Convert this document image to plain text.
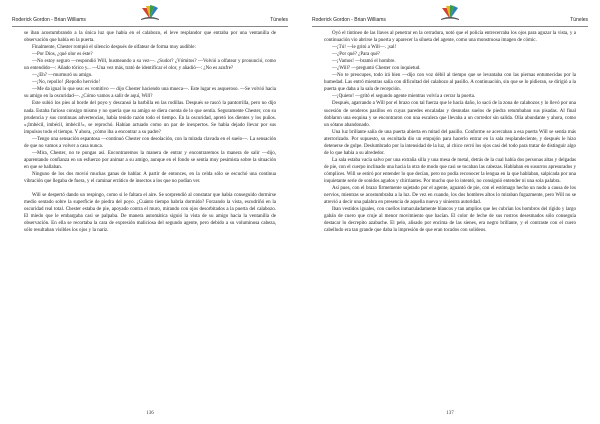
Roderick Gordon - Brian Williams	Túneles

se iban acostumbrando a la única luz que había en el calabozo, el leve resplandor que entraba por una ventanilla de observación que había en la puerta.

Finalmente, Chester rompió el silencio después de olfatear de forma muy audible:

—Por Dios, ¿qué olor es éste?

—No estoy seguro —respondió Will, husmeando a su vez—. ¿Sudor? ¿Vómitos? —Volvió a olfatear y pronunció, como un entendido—: Añado tórico y... —Una vez más, trató de identificar el olor, y añadió—: ¿No es azufre?

—¿Eh? —murmuró su amigo.

—¡No, repollo! ¡Repollo hervido!

—Me da igual lo que sea: es vomitivo — dijo Chester haciendo una mueca—. Este lugar es asqueroso. —Se volvió hacia su amigo en la oscuridad—. ¿Cómo vamos a salir de aquí, Will?

Este subió los pies al borde del poyo y descansó la barbilla en las rodillas. Después se rascó la pantorrilla, pero no dijo nada. Estaba furioso consigo mismo y no quería que su amigo se diera cuenta de lo que sentía. Seguramente Chester, con su prudencia y sus continuas advertencias, había tenido razón todo el tiempo. En la oscuridad, apretó los dientes y los puños. «¡Imbécil, imbécil, imbécil!», se reprochó. Habían actuado como un par de inexpertos. Se había dejado llevar por sus impulsos todo el tiempo. Y ahora, ¿cómo iba a encontrar a su padre?

—Tengo una sensación espantosa —continuó Chester con desolación, con la mirada clavada en el suelo—. La sensación de que no vamos a volver a casa nunca.

—Mira, Chester, no te pongas así. Encontraremos la manera de entrar y encontraremos la manera de salir —dijo, aparentando confianza en un esfuerzo por animar a su amigo, aunque en el fondo se sentía muy pesimista sobre la situación en que se hallaban.

Ninguno de los dos movió muchas ganas de hablar. A partir de entonces, en la celda sólo se escuchó una continua vibración que llegaba de fuera, y el caminar errático de insectos a los que no podían ver.

Will se despertó dando un respingo, como si le faltara el aire. Se sorprendió al constatar que había conseguido dormirse medio sentado sobre la superficie de piedra del poyo. ¿Cuánto tiempo habría dormido? Forzando la vista, escudriñó en la oscuridad real total. Chester estaba de pie, apoyado contra el muro, mirando con ojos desorbitados a la puerta del calabozo. El miedo que le embargaba casi se palpaba. De manera automática siguió la vista de su amigo hacia la ventanilla de observación. En ella se recortaba la cara de expresión maliciosa del segundo agente, pero debido a su voluminosa cabeza, sólo resultaban visibles los ojos y la nariz.

136
Roderick Gordon - Brian Williams	Túneles

Oyó el tintineo de las llaves al penetrar en la cerradura, notó que el policía entrecerraba los ojos para aguzar la vista, y a continuación vio abrirse la puerta y aparecer la silueta del agente, como una monstruosa imagen de cómic.

—¡Tú! —le gritó a Will—. ¡sal!

—¿Por qué? ¿Para qué?

—¡Vamos! —bramó el hombre.

—¿Will? —preguntó Chester con inquietud.

—No te preocupes, todo irá bien —dijo con voz débil al tiempo que se levantaba con las piernas entumecidas por la humedad. Las entró mientras salía con dificultad del calabozo al pasillo. A continuación, sin que se lo pidieran, se dirigió a la puerta que daba a la sala de recepción.

—¡Quieto! —gritó el segundo agente mientras volvía a cerrar la puerta.

Después, agarrando a Will por el brazo con tal fuerza que le hacía daño, lo sacó de la zona de calabozos y lo llevó por una sucesión de senderos pasillos en cuyas paredes encaladas y desnudas suelos de piedra retumbaban sus pisadas. Al final doblaron una esquina y se encontraron con una escalera que llevaba a un corredor sin salida. Olía abundante y ahora, como un sótano abandonado.

Una luz brillante salía de una puerta abierta en mitad del pasillo. Conforme se acercaban a esa puerta Will se sentía más aterrorizado. Por supuesto, su escoltada dio un empujón para hacerlo entrar en la sala resplandeciente, y después le hizo detenerse de golpe. Deslumbrado por la intensidad de la luz, al chico cerró los ojos casi del todo para tratar de distinguir algo de lo que había a su alrededor.

La sala estaba vacía salvo por una extraña silla y una mesa de metal, detrás de la cual había dos personas altas y delgadas de pie, con el cuerpo inclinado una hacia la otra de modo que casi se tocaban las cabezas. Hablaban en susurros apresurados y cómplices. Will se estiró por entender lo que decían, pero no podía reconocer la lengua en la que hablaban, salpicada por una inquietante serie de sonidos agudos y chirriantes. Por mucho que lo intentó, no consiguió entender ni una sola palabra.

Así pues, con el brazo firmemente sujetado por el agente, aguantó de pie, con el estómago hecho un nudo a causa de los nervios, mientras se acostumbraba a la luz. De vez en cuando, los dos hombres altos lo miraban fugazmente, pero Will no se atrevió a decir una palabra en presencia de aquella nueva y siniestra autoridad.

Iban vestidos iguales, con cuellos inmaculadamente blancos y tan amplios que les cubrían los hombros del rígido y largo gabán de cuero que cruje al menor movimiento que hacían. El color de leche de sus rostros desesmados sólo conseguía destacar lo decrepito azabache. El pelo, alisado por encima de las sienes, era negro brillante, y el contraste con el cuero cabelludo era tan grande que daba la impresión de que eran tocados con solideos.

137
